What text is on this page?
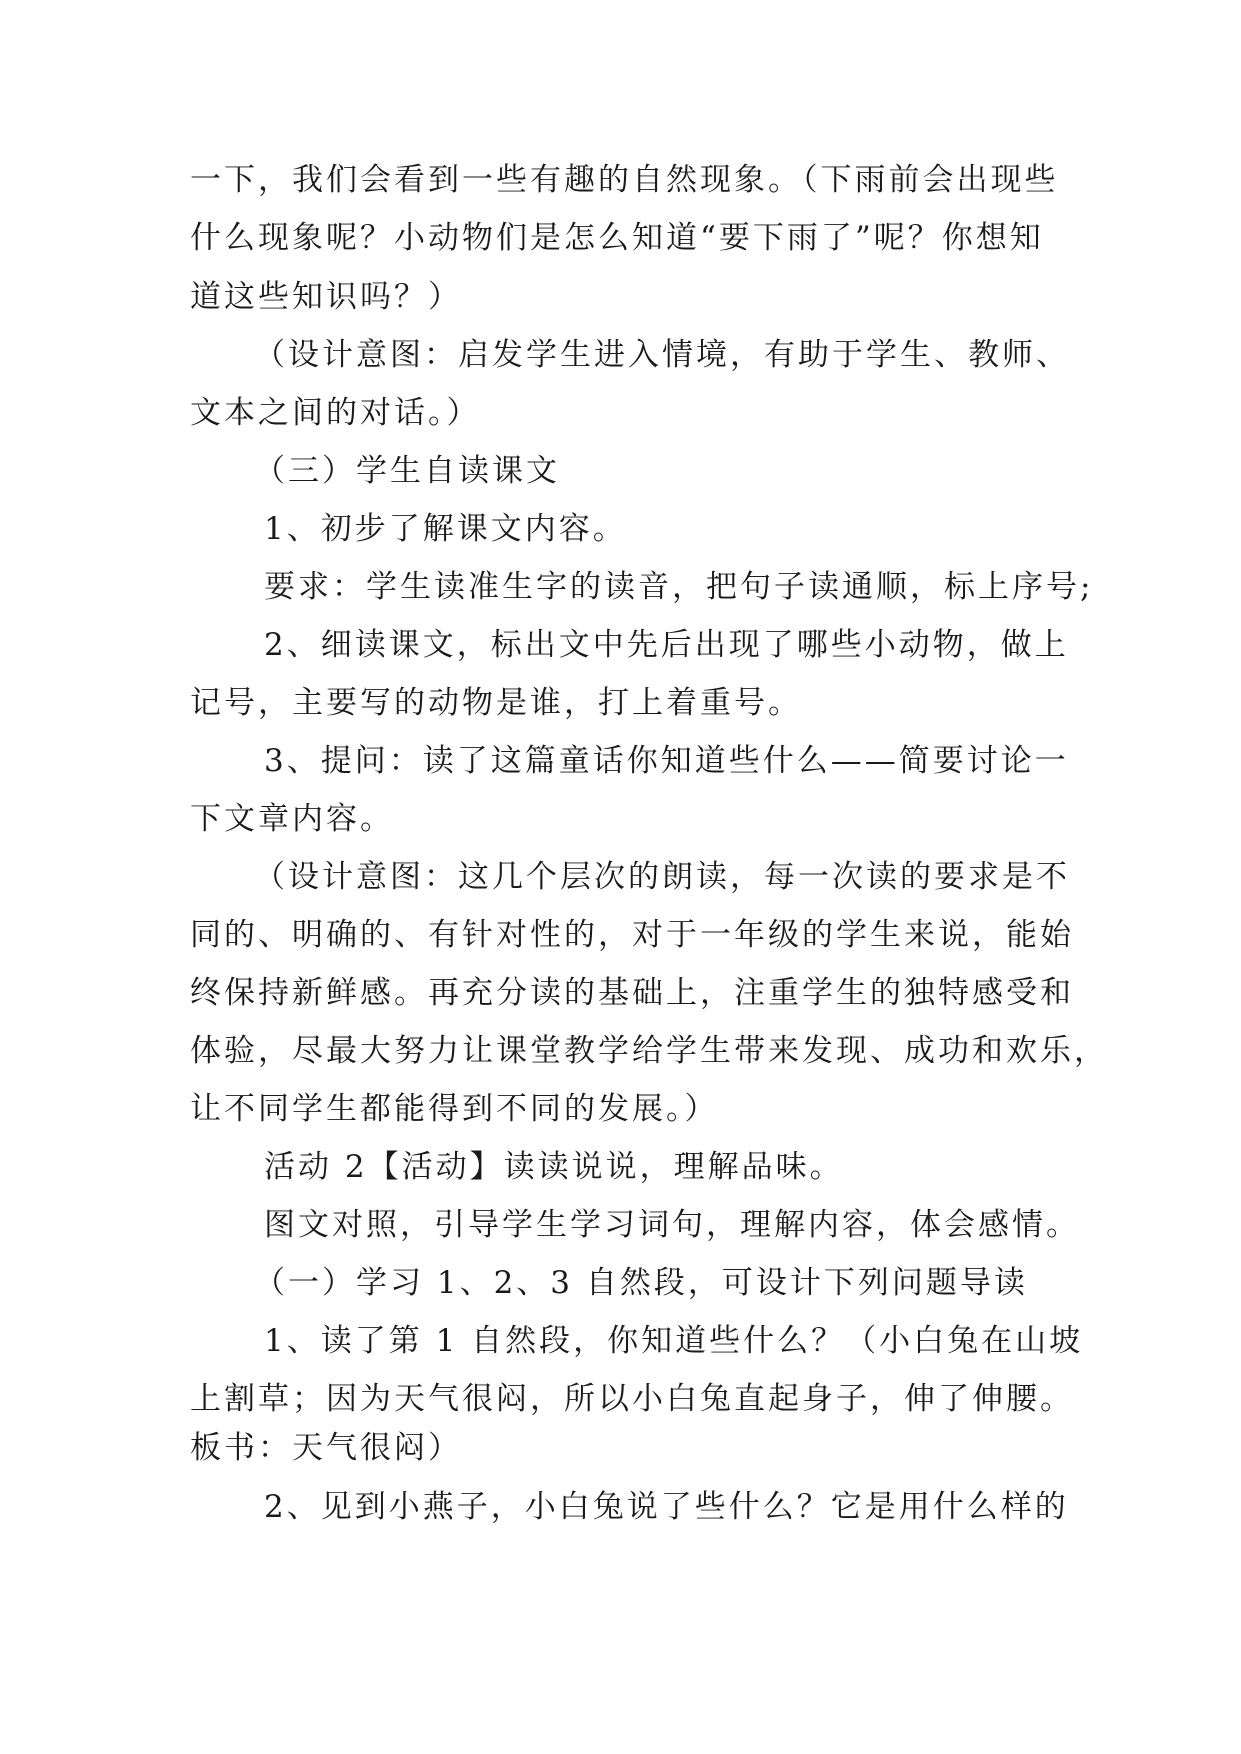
一下，我们会看到一些有趣的自然现象。（下雨前会出现些
什么现象呢？小动物们是怎么知道“要下雨了”呢？你想知
道这些知识吗？）
（设计意图：启发学生进入情境，有助于学生、教师、
文本之间的对话。）
（三）学生自读课文
1、初步了解课文内容。
要求：学生读准生字的读音，把句子读通顺，标上序号;
2、细读课文，标出文中先后出现了哪些小动物，做上
记号，主要写的动物是谁，打上着重号。
3、提问：读了这篇童话你知道些什么——简要讨论一
下文章内容。
（设计意图：这几个层次的朗读，每一次读的要求是不
同的、明确的、有针对性的，对于一年级的学生来说，能始
终保持新鲜感。再充分读的基础上，注重学生的独特感受和
体验，尽最大努力让课堂教学给学生带来发现、成功和欢乐，
让不同学生都能得到不同的发展。）
活动 2【活动】读读说说，理解品味。
图文对照，引导学生学习词句，理解内容，体会感情。
（一）学习 1、2、3 自然段，可设计下列问题导读
1、读了第 1 自然段，你知道些什么？（小白兔在山坡
上割草；因为天气很闷，所以小白兔直起身子，伸了伸腰。
板书：天气很闷）
2、见到小燕子，小白兔说了些什么？它是用什么样的
